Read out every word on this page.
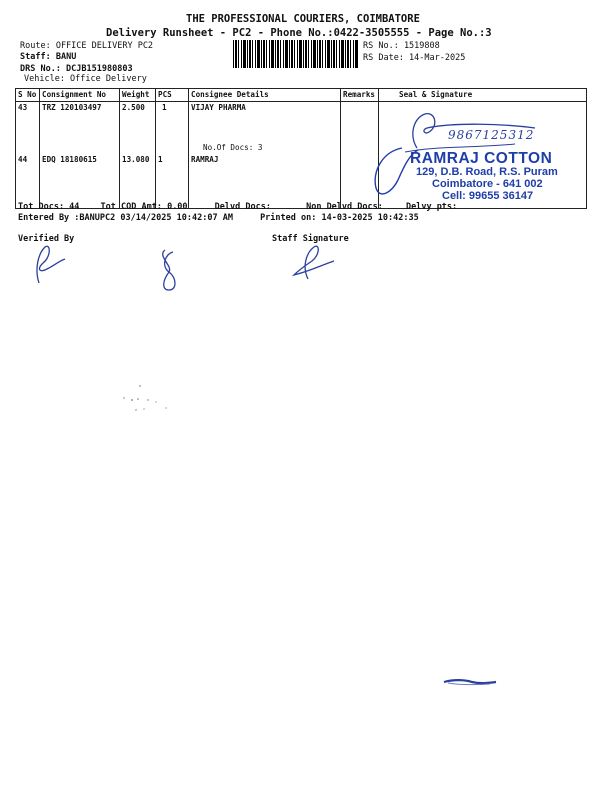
THE PROFESSIONAL COURIERS, COIMBATORE
Delivery Runsheet - PC2 - Phone No.:0422-3505555 - Page No.:3
Route: OFFICE DELIVERY PC2
Staff: BANU
DRS No.: DCJB151980803
Vehicle: Office Delivery
RS No.: 1519808
RS Date: 14-Mar-2025
S No	Consignment No	Weight	PCS	Consignee Details	Remarks	Seal & Signature
43	TRZ 120103497	2.500	1	VIJAY PHARMA
No.Of Docs: 3		

44	EDQ 18180615	13.080	1	RAMRAJ		
9867125312
RAMRAJ COTTON
129, D.B. Road, R.S. Puram
Coimbatore - 641 002
Cell: 99655 36147
Tot Docs: 44 Tot COD Amt: 0.00	Delvd Docs:	Non Delvd Docs:	Delvy pts:
Entered By :BANUPC2 03/14/2025 10:42:07 AM	Printed on: 14-03-2025 10:42:35
Verified By	Staff Signature
